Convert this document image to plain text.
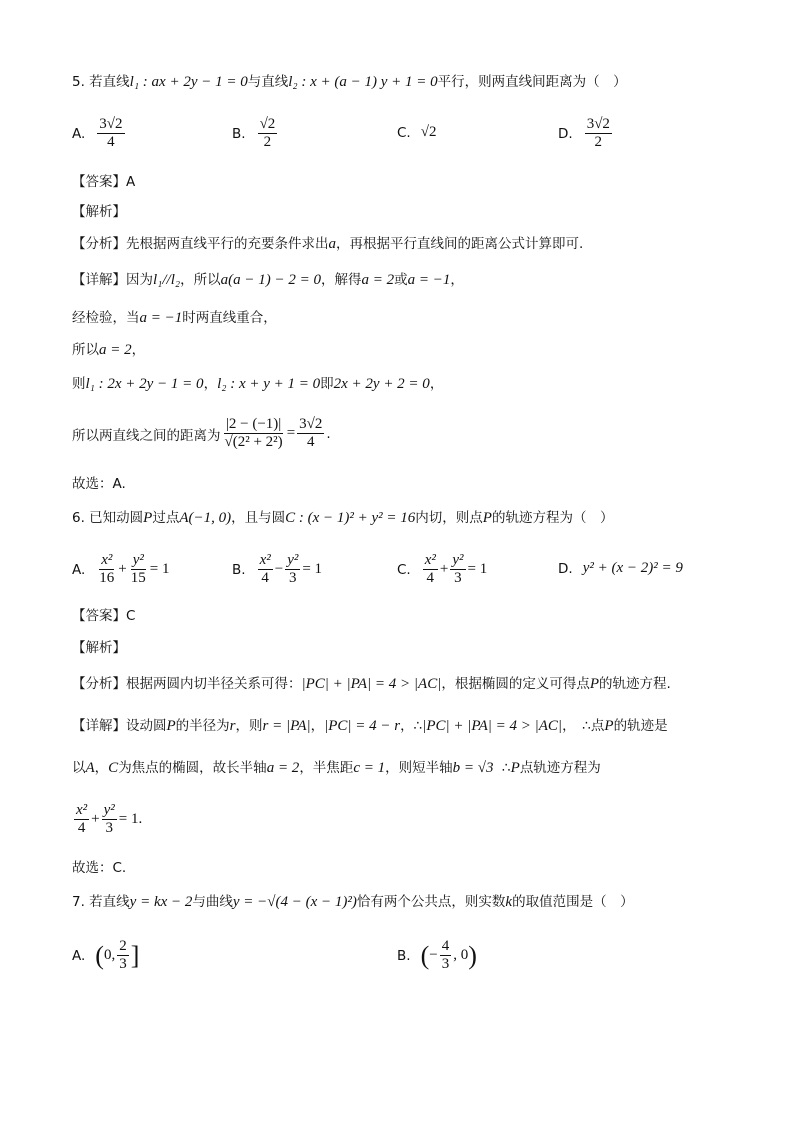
5. 若直线l₁ : ax + 2y − 1 = 0与直线l₂ : x + (a − 1) y + 1 = 0平行，则两直线间距离为（　）
A. $\frac{3√2}{4}$	B. $\frac{√2}{2}$	C. √2	D. $\frac{3√2}{2}$
【答案】A
【解析】
【分析】先根据两直线平行的充要条件求出a，再根据平行直线间的距离公式计算即可.
【详解】因为l₁//l₂，所以a(a − 1) − 2 = 0，解得a = 2或a = −1，
经检验，当a = −1时两直线重合，
所以a = 2，
则l₁ : 2x + 2y − 1 = 0，l₂ : x + y + 1 = 0即2x + 2y + 2 = 0，
所以两直线之间的距离为 $\frac{|2 - (-1)|}{\text{√(2² + 2²)}} = \frac{3√2}{4}$ .
故选：A.
6. 已知动圆P过点A(−1, 0)，且与圆C : (x − 1)² + y² = 16内切，则点P的轨迹方程为（　）
A. $\frac{\text{x²}}{16} + \frac{\text{y²}}{15} = 1$	B. $\frac{\text{x²}}{4} - \frac{\text{y²}}{3} = 1$	C. $\frac{\text{x²}}{4} + \frac{\text{y²}}{3} = 1$	D. y² + (x − 2)² = 9
【答案】C
【解析】
【分析】根据两圆内切半径关系可得：|PC| + |PA| = 4 > |AC|，根据椭圆的定义可得点P的轨迹方程.
【详解】设动圆P的半径为r，则r = |PA|，|PC| = 4 − r，∴|PC| + |PA| = 4 > |AC|，　∴点P的轨迹是
以A，C为焦点的椭圆，故长半轴a = 2，半焦距c = 1，则短半轴b = √3 ∴P点轨迹方程为
$\frac{\text{x²}}{4} + \frac{\text{y²}}{3} = 1$.
故选：C.
7. 若直线y = kx − 2与曲线y = −√(4 − (x − 1)²)恰有两个公共点，则实数k的取值范围是（　）
A. ( 0, $\frac{2}{3}$ ]	B. ( − $\frac{4}{3}$ , 0 )
